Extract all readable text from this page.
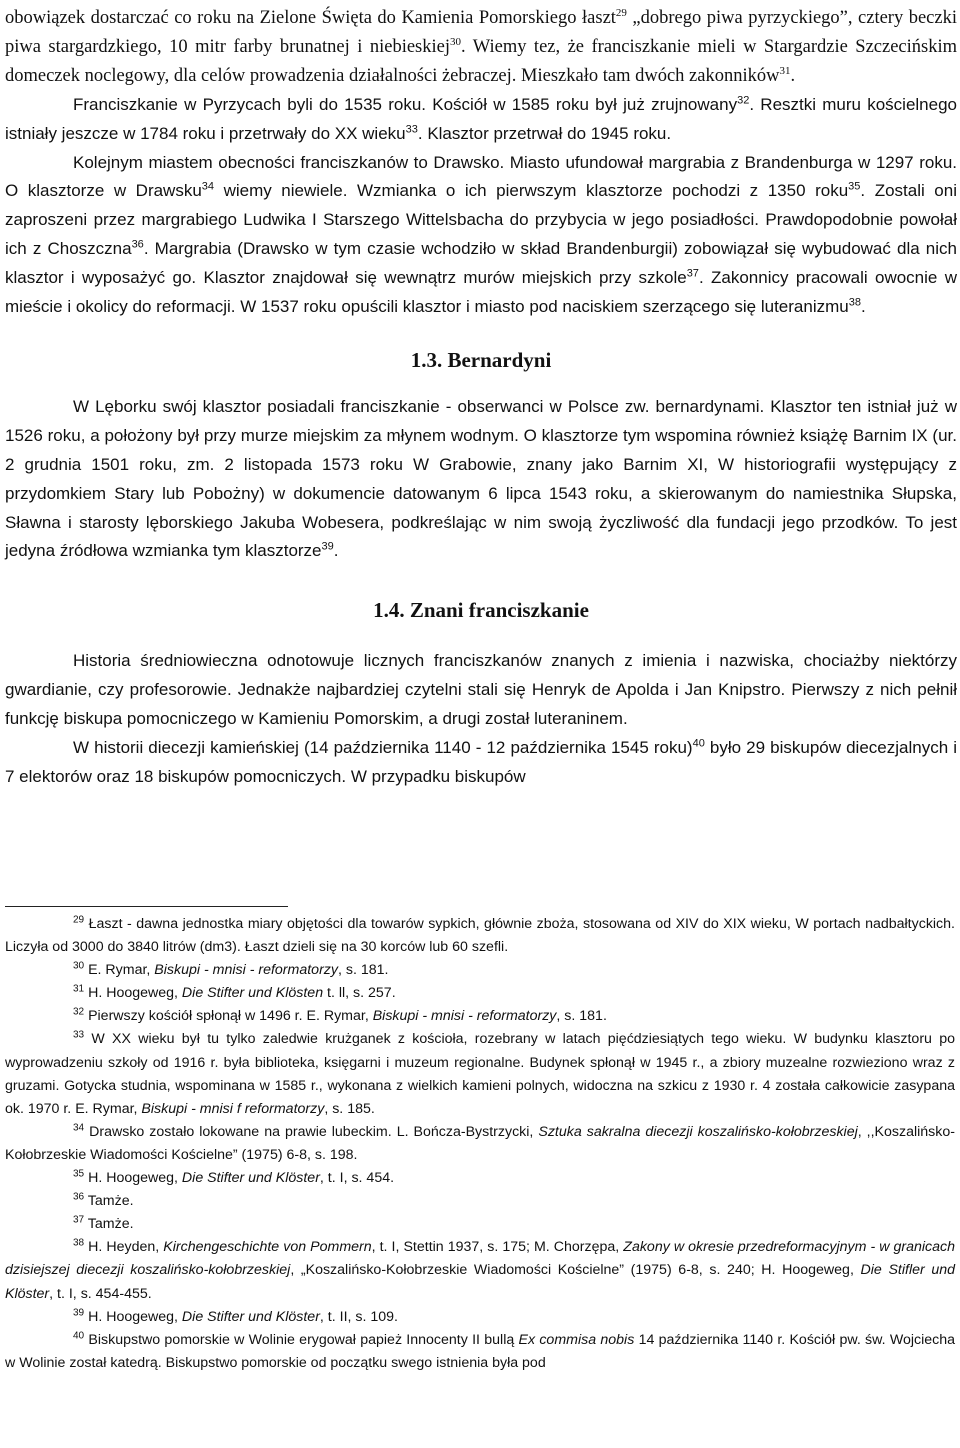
obowiązek dostarczać co roku na Zielone Święta do Kamienia Pomorskiego łaszt$^{29}$ „dobrego piwa pyrzyckiego”, cztery beczki piwa stargardzkiego, 10 mitr farby brunatnej i niebieskiej$^{30}$. Wiemy tez, że franciszkanie mieli w Stargardzie Szczecińskim domeczek noclegowy, dla celów prowadzenia działalności żebraczej. Mieszkało tam dwóch zakonników$^{31}$.

Franciszkanie w Pyrzycach byli do 1535 roku. Kościół w 1585 roku był już zrujnowany$^{32}$. Resztki muru kościelnego istniały jeszcze w 1784 roku i przetrwały do XX wieku$^{33}$. Klasztor przetrwał do 1945 roku.

Kolejnym miastem obecności franciszkanów to Drawsko. Miasto ufundował margrabia z Brandenburga w 1297 roku. O klasztorze w Drawsku$^{34}$ wiemy niewiele. Wzmianka o ich pierwszym klasztorze pochodzi z 1350 roku$^{35}$. Zostali oni zaproszeni przez margrabiego Ludwika I Starszego Wittelsbacha do przybycia w jego posiadłości. Prawdopodobnie powołał ich z Choszczna$^{36}$. Margrabia (Drawsko w tym czasie wchodziło w skład Brandenburgii) zobowiązał się wybudować dla nich klasztor i wyposażyć go. Klasztor znajdował się wewnątrz murów miejskich przy szkole$^{37}$. Zakonnicy pracowali owocnie w mieście i okolicy do reformacji. W 1537 roku opuścili klasztor i miasto pod naciskiem szerzącego się luteranizmu$^{38}$.

1.3. Bernardyni

W Lęborku swój klasztor posiadali franciszkanie - obserwanci w Polsce zw. bernardynami. Klasztor ten istniał już w 1526 roku, a położony był przy murze miejskim za młynem wodnym. O klasztorze tym wspomina również książę Barnim IX (ur. 2 grudnia 1501 roku, zm. 2 listopada 1573 roku W Grabowie, znany jako Barnim XI, W historiografii występujący z przydomkiem Stary lub Pobożny) w dokumencie datowanym 6 lipca 1543 roku, a skierowanym do namiestnika Słupska, Sławna i starosty lęborskiego Jakuba Wobesera, podkreślając w nim swoją życzliwość dla fundacji jego przodków. To jest jedyna źródłowa wzmianka tym klasztorze$^{39}$.

1.4. Znani franciszkanie

Historia średniowieczna odnotowuje licznych franciszkanów znanych z imienia i nazwiska, chociażby niektórzy gwardianie, czy profesorowie. Jednakże najbardziej czytelni stali się Henryk de Apolda i Jan Knipstro. Pierwszy z nich pełnił funkcję biskupa pomocniczego w Kamieniu Pomorskim, a drugi został luteraninem.

W historii diecezji kamieńskiej (14 października 1140 - 12 października 1545 roku)$^{40}$ było 29 biskupów diecezjalnych i 7 elektorów oraz 18 biskupów pomocniczych. W przypadku biskupów

$^{29}$ Łaszt - dawna jednostka miary objętości dla towarów sypkich, głównie zboża, stosowana od XIV do XIX wieku, W portach nadbałtyckich. Liczyła od 3000 do 3840 litrów (dm3). Łaszt dzieli się na 30 korców lub 60 szefli.

$^{30}$ E. Rymar, Biskupi - mnisi - reformatorzy, s. 181.

$^{31}$ H. Hoogeweg, Die Stifter und Klösten t. ll, s. 257.

$^{32}$ Pierwszy kościół spłonął w 1496 r. E. Rymar, Biskupi - mnisi - reformatorzy, s. 181.

$^{33}$ W XX wieku był tu tylko zaledwie krużganek z kościoła, rozebrany w latach pięćdziesiątych tego wieku. W budynku klasztoru po wyprowadzeniu szkoły od 1916 r. była biblioteka, księgarni i muzeum regionalne. Budynek spłonął w 1945 r., a zbiory muzealne rozwieziono wraz z gruzami. Gotycka studnia, wspominana w 1585 r., wykonana z wielkich kamieni polnych, widoczna na szkicu z 1930 r. 4 została całkowicie zasypana ok. 1970 r. E. Rymar, Biskupi - mnisi f reformatorzy, s. 185.

$^{34}$ Drawsko zostało lokowane na prawie lubeckim. L. Bończa-Bystrzycki, Sztuka sakralna diecezji koszalińsko-kołobrzeskiej, ,,Koszalińsko-Kołobrzeskie Wiadomości Kościelne” (1975) 6-8, s. 198.

$^{35}$ H. Hoogeweg, Die Stifter und Klöster, t. I, s. 454.

$^{36}$ Tamże.

$^{37}$ Tamże.

$^{38}$ H. Heyden, Kirchengeschichte von Pommern, t. I, Stettin 1937, s. 175; M. Chorzępa, Zakony w okresie przedreformacyjnym - w granicach dzisiejszej diecezji koszalińsko-kołobrzeskiej, „Koszalińsko-Kołobrzeskie Wiadomości Kościelne” (1975) 6-8, s. 240; H. Hoogeweg, Die Stifler und Klöster, t. I, s. 454-455.

$^{39}$ H. Hoogeweg, Die Stifter und Klöster, t. II, s. 109.

$^{40}$ Biskupstwo pomorskie w Wolinie erygował papież Innocenty II bullą Ex commisa nobis 14 października 1140 r. Kościół pw. św. Wojciecha w Wolinie został katedrą. Biskupstwo pomorskie od początku swego istnienia była pod
